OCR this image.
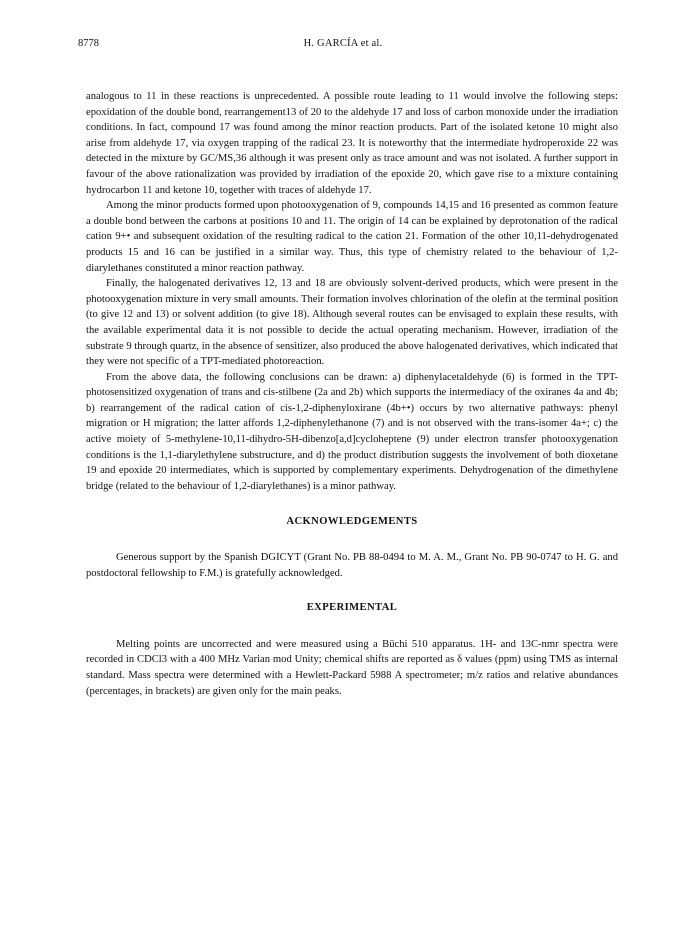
8778	H. GARCÍA et al.

analogous to 11 in these reactions is unprecedented. A possible route leading to 11 would involve the following steps: epoxidation of the double bond, rearrangement13 of 20 to the aldehyde 17 and loss of carbon monoxide under the irradiation conditions. In fact, compound 17 was found among the minor reaction products. Part of the isolated ketone 10 might also arise from aldehyde 17, via oxygen trapping of the radical 23. It is noteworthy that the intermediate hydroperoxide 22 was detected in the mixture by GC/MS,36 although it was present only as trace amount and was not isolated. A further support in favour of the above rationalization was provided by irradiation of the epoxide 20, which gave rise to a mixture containing hydrocarbon 11 and ketone 10, together with traces of aldehyde 17.

Among the minor products formed upon photooxygenation of 9, compounds 14,15 and 16 presented as common feature a double bond between the carbons at positions 10 and 11. The origin of 14 can be explained by deprotonation of the radical cation 9+• and subsequent oxidation of the resulting radical to the cation 21. Formation of the other 10,11-dehydrogenated products 15 and 16 can be justified in a similar way. Thus, this type of chemistry related to the behaviour of 1,2-diarylethanes constituted a minor reaction pathway.

Finally, the halogenated derivatives 12, 13 and 18 are obviously solvent-derived products, which were present in the photooxygenation mixture in very small amounts. Their formation involves chlorination of the olefin at the terminal position (to give 12 and 13) or solvent addition (to give 18). Although several routes can be envisaged to explain these results, with the available experimental data it is not possible to decide the actual operating mechanism. However, irradiation of the substrate 9 through quartz, in the absence of sensitizer, also produced the above halogenated derivatives, which indicated that they were not specific of a TPT-mediated photoreaction.

From the above data, the following conclusions can be drawn: a) diphenylacetaldehyde (6) is formed in the TPT-photosensitized oxygenation of trans and cis-stilbene (2a and 2b) which supports the intermediacy of the oxiranes 4a and 4b; b) rearrangement of the radical cation of cis-1,2-diphenyloxirane (4b+•) occurs by two alternative pathways: phenyl migration or H migration; the latter affords 1,2-diphenylethanone (7) and is not observed with the trans-isomer 4a+; c) the active moiety of 5-methylene-10,11-dihydro-5H-dibenzo[a,d]cycloheptene (9) under electron transfer photooxygenation conditions is the 1,1-diarylethylene substructure, and d) the product distribution suggests the involvement of both dioxetane 19 and epoxide 20 intermediates, which is supported by complementary experiments. Dehydrogenation of the dimethylene bridge (related to the behaviour of 1,2-diarylethanes) is a minor pathway.

ACKNOWLEDGEMENTS

Generous support by the Spanish DGICYT (Grant No. PB 88-0494 to M. A. M., Grant No. PB 90-0747 to H. G. and postdoctoral fellowship to F.M.) is gratefully acknowledged.

EXPERIMENTAL

Melting points are uncorrected and were measured using a Büchi 510 apparatus. 1H- and 13C-nmr spectra were recorded in CDCl3 with a 400 MHz Varian mod Unity; chemical shifts are reported as δ values (ppm) using TMS as internal standard. Mass spectra were determined with a Hewlett-Packard 5988 A spectrometer; m/z ratios and relative abundances (percentages, in brackets) are given only for the main peaks.
